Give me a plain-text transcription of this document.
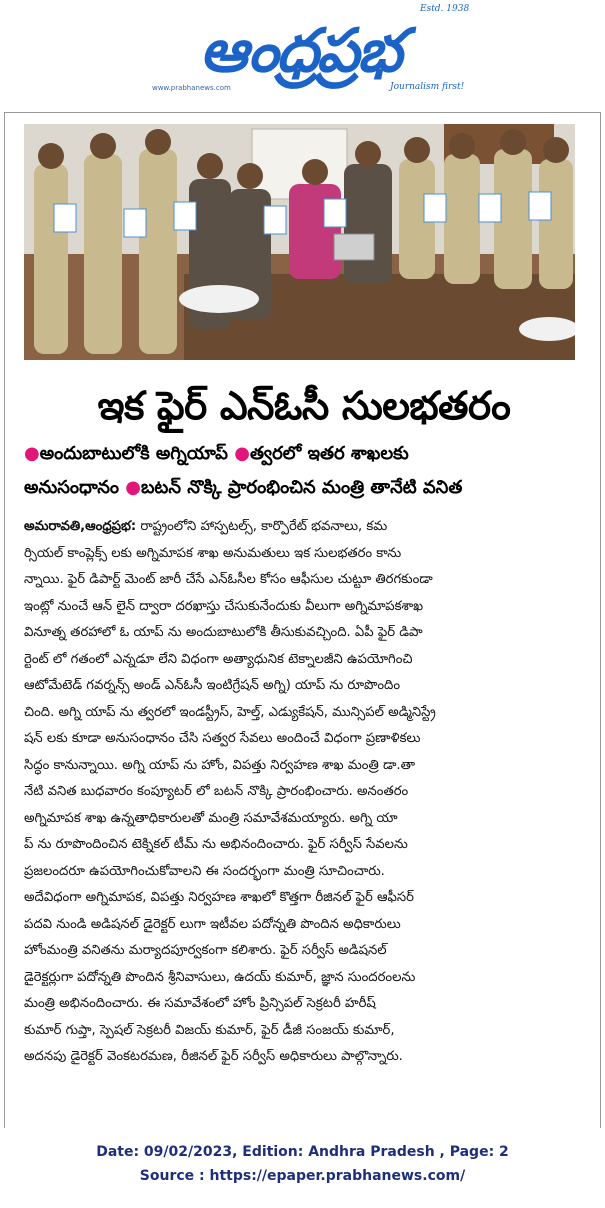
Estd. 1938
ఆంధ్రప్రభ
www.prabhanews.com	Journalism first!
ఇక ఫైర్ ఎన్ఓసీ సులభతరం
●అందుబాటులోకి అగ్నియాప్ ●త్వరలో ఇతర శాఖలకు
అనుసంధానం ●బటన్ నొక్కి ప్రారంభించిన మంత్రి తానేటి వనిత
అమరావతి,ఆంధ్రప్రభ: రాష్ట్రంలోని హాస్పటల్స్, కార్పొరేట్ భవనాలు, కమ
ర్సియల్ కాంప్లెక్స్ లకు అగ్నిమాపక శాఖ అనుమతులు ఇక సులభతరం కాను
న్నాయి. ఫైర్ డిపార్ట్ మెంట్ జారీ చేసే ఎన్ఓసీల కోసం ఆఫీసుల చుట్టూ తిరగకుండా
ఇంట్లో నుంచే ఆన్ లైన్ ద్వారా దరఖాస్తు చేసుకునేందుకు వీలుగా అగ్నిమాపకశాఖ
వినూత్న తరహాలో ఓ యాప్ ను అందుబాటులోకి తీసుకువచ్చింది. ఏపీ ఫైర్ డిపా
ర్టెంట్ లో గతంలో ఎన్నడూ లేని విధంగా అత్యాధునిక టెక్నాలజీని ఉపయోగించి
ఆటోమేటెడ్ గవర్నన్స్ అండ్ ఎన్ఓసీ ఇంటిగ్రేషన్ అగ్ని) యాప్ ను రూపొందిం
చింది. అగ్ని యాప్ ను త్వరలో ఇండస్ట్రీస్, హెల్త్, ఎడ్యుకేషన్, మున్సిపల్ అడ్మినిస్ట్రే
షన్ లకు కూడా అనుసంధానం చేసి సత్వర సేవలు అందించే విధంగా ప్రణాళికలు
సిద్ధం కానున్నాయి. అగ్ని యాప్ ను హోం, విపత్తు నిర్వహణ శాఖ మంత్రి డా.తా
నేటి వనిత బుధవారం కంప్యూటర్ లో బటన్ నొక్కి ప్రారంభించారు. అనంతరం
అగ్నిమాపక శాఖ ఉన్నతాధికారులతో మంత్రి సమావేశమయ్యారు. అగ్ని యా
ప్ ను రూపొందించిన టెక్నికల్ టీమ్ ను అభినందించారు. ఫైర్ సర్వీస్ సేవలను
ప్రజలందరూ ఉపయోగించుకోవాలని ఈ సందర్భంగా మంత్రి సూచించారు.
అదేవిధంగా అగ్నిమాపక, విపత్తు నిర్వహణ శాఖలో కొత్తగా రీజినల్ ఫైర్ ఆఫీసర్
పదవి నుండి అడిషనల్ డైరెక్టర్ లుగా ఇటీవల పదోన్నతి పొందిన అధికారులు
హోంమంత్రి వనితను మర్యాదపూర్వకంగా కలిశారు. ఫైర్ సర్వీస్ అడిషనల్
డైరెక్టర్లుగా పదోన్నతి పొందిన శ్రీనివాసులు, ఉదయ్ కుమార్, జ్ఞాన సుందరంలను
మంత్రి అభినందించారు. ఈ సమావేశంలో హోం ప్రిన్సిపల్ సెక్రటరీ హరీష్
కుమార్ గుప్తా, స్పెషల్ సెక్రటరీ విజయ్ కుమార్, ఫైర్ డీజీ సంజయ్ కుమార్,
అదనపు డైరెక్టర్ వెంకటరమణ, రీజినల్ ఫైర్ సర్వీస్ అధికారులు పాల్గొన్నారు.
Date: 09/02/2023, Edition: Andhra Pradesh , Page: 2
Source : https://epaper.prabhanews.com/
